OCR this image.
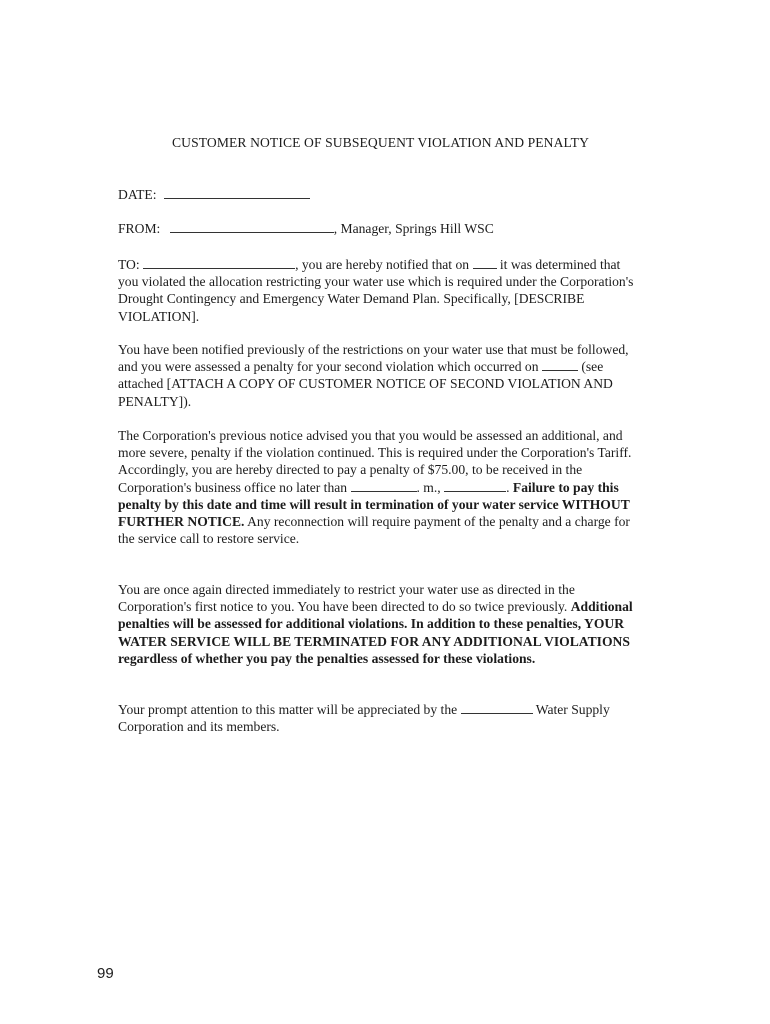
CUSTOMER NOTICE OF SUBSEQUENT VIOLATION AND PENALTY
DATE:
FROM:	, Manager, Springs Hill WSC
TO:	, you are hereby notified that on it was determined that you violated the allocation restricting your water use which is required under the Corporation's Drought Contingency and Emergency Water Demand Plan. Specifically, [DESCRIBE VIOLATION].
You have been notified previously of the restrictions on your water use that must be followed, and you were assessed a penalty for your second violation which occurred on	(see attached [ATTACH A COPY OF CUSTOMER NOTICE OF SECOND VIOLATION AND PENALTY]).
The Corporation's previous notice advised you that you would be assessed an additional, and more severe, penalty if the violation continued. This is required under the Corporation's Tariff. Accordingly, you are hereby directed to pay a penalty of $75.00, to be received in the Corporation's business office no later than	. m.,	. Failure to pay this penalty by this date and time will result in termination of your water service WITHOUT FURTHER NOTICE. Any reconnection will require payment of the penalty and a charge for the service call to restore service.
You are once again directed immediately to restrict your water use as directed in the Corporation's first notice to you. You have been directed to do so twice previously. Additional penalties will be assessed for additional violations. In addition to these penalties, YOUR WATER SERVICE WILL BE TERMINATED FOR ANY ADDITIONAL VIOLATIONS regardless of whether you pay the penalties assessed for these violations.
Your prompt attention to this matter will be appreciated by the	Water Supply Corporation and its members.
99
